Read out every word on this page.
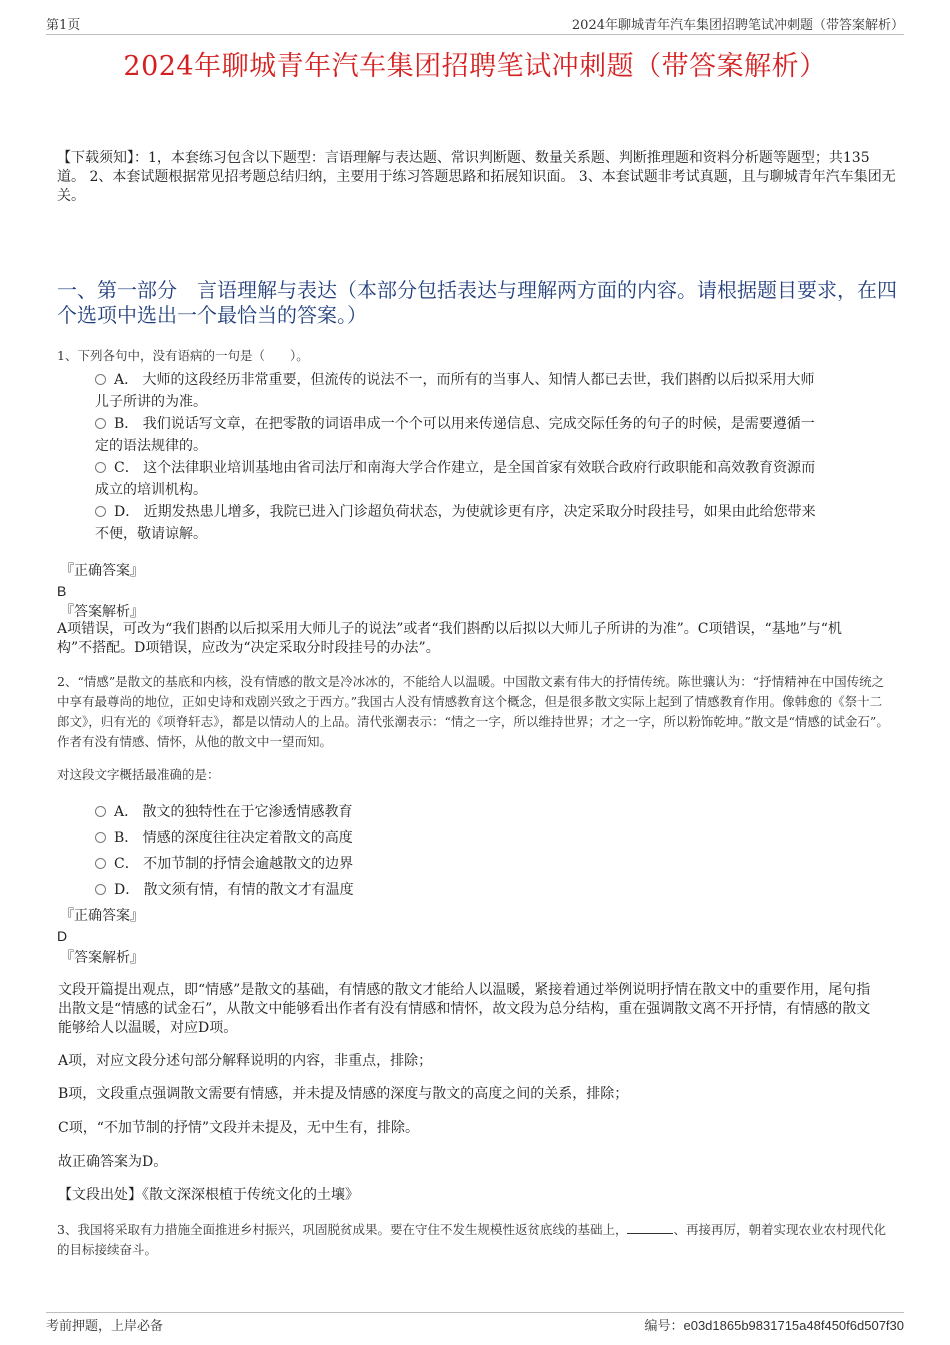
第1页	2024年聊城青年汽车集团招聘笔试冲刺题（带答案解析）
2024年聊城青年汽车集团招聘笔试冲刺题（带答案解析）
【下载须知】：1，本套练习包含以下题型：言语理解与表达题、常识判断题、数量关系题、判断推理题和资料分析题等题型；共135道。 2、本套试题根据常见招考题总结归纳，主要用于练习答题思路和拓展知识面。 3、本套试题非考试真题，且与聊城青年汽车集团无关。
一、第一部分　言语理解与表达（本部分包括表达与理解两方面的内容。请根据题目要求，在四个选项中选出一个最恰当的答案。）
1、下列各句中，没有语病的一句是（　　）。
A． 大师的这段经历非常重要，但流传的说法不一，而所有的当事人、知情人都已去世，我们斟酌以后拟采用大师
儿子所讲的为准。
B． 我们说话写文章，在把零散的词语串成一个个可以用来传递信息、完成交际任务的句子的时候，是需要遵循一
定的语法规律的。
C． 这个法律职业培训基地由省司法厅和南海大学合作建立，是全国首家有效联合政府行政职能和高效教育资源而
成立的培训机构。
D． 近期发热患儿增多，我院已进入门诊超负荷状态，为使就诊更有序，决定采取分时段挂号，如果由此给您带来
不便，敬请谅解。
『正确答案』
B
『答案解析』
A项错误，可改为“我们斟酌以后拟采用大师儿子的说法”或者“我们斟酌以后拟以大师儿子所讲的为准”。C项错误，“基地”与“机构”不搭配。D项错误，应改为“决定采取分时段挂号的办法”。
2、“情感”是散文的基底和内核，没有情感的散文是冷冰冰的，不能给人以温暖。中国散文素有伟大的抒情传统。陈世骧认为：“抒情精神在中国传统之中享有最尊尚的地位，正如史诗和戏剧兴致之于西方。”我国古人没有情感教育这个概念，但是很多散文实际上起到了情感教育作用。像韩愈的《祭十二郎文》，归有光的《项脊轩志》，都是以情动人的上品。清代张潮表示：“情之一字，所以维持世界；才之一字，所以粉饰乾坤。”散文是“情感的试金石”。作者有没有情感、情怀，从他的散文中一望而知。
对这段文字概括最准确的是：
A． 散文的独特性在于它渗透情感教育
B． 情感的深度往往决定着散文的高度
C． 不加节制的抒情会逾越散文的边界
D． 散文须有情，有情的散文才有温度
『正确答案』
D
『答案解析』
文段开篇提出观点，即“情感”是散文的基础，有情感的散文才能给人以温暖，紧接着通过举例说明抒情在散文中的重要作用，尾句指出散文是“情感的试金石”，从散文中能够看出作者有没有情感和情怀，故文段为总分结构，重在强调散文离不开抒情，有情感的散文能够给人以温暖，对应D项。
A项，对应文段分述句部分解释说明的内容，非重点，排除；
B项，文段重点强调散文需要有情感，并未提及情感的深度与散文的高度之间的关系，排除；
C项，“不加节制的抒情”文段并未提及，无中生有，排除。
故正确答案为D。
【文段出处】《散文深深根植于传统文化的土壤》
3、我国将采取有力措施全面推进乡村振兴，巩固脱贫成果。要在守住不发生规模性返贫底线的基础上，	、再接再厉，朝着实现农业农村现代化的目标接续奋斗。
考前押题，上岸必备	编号：e03d1865b9831715a48f450f6d507f30
